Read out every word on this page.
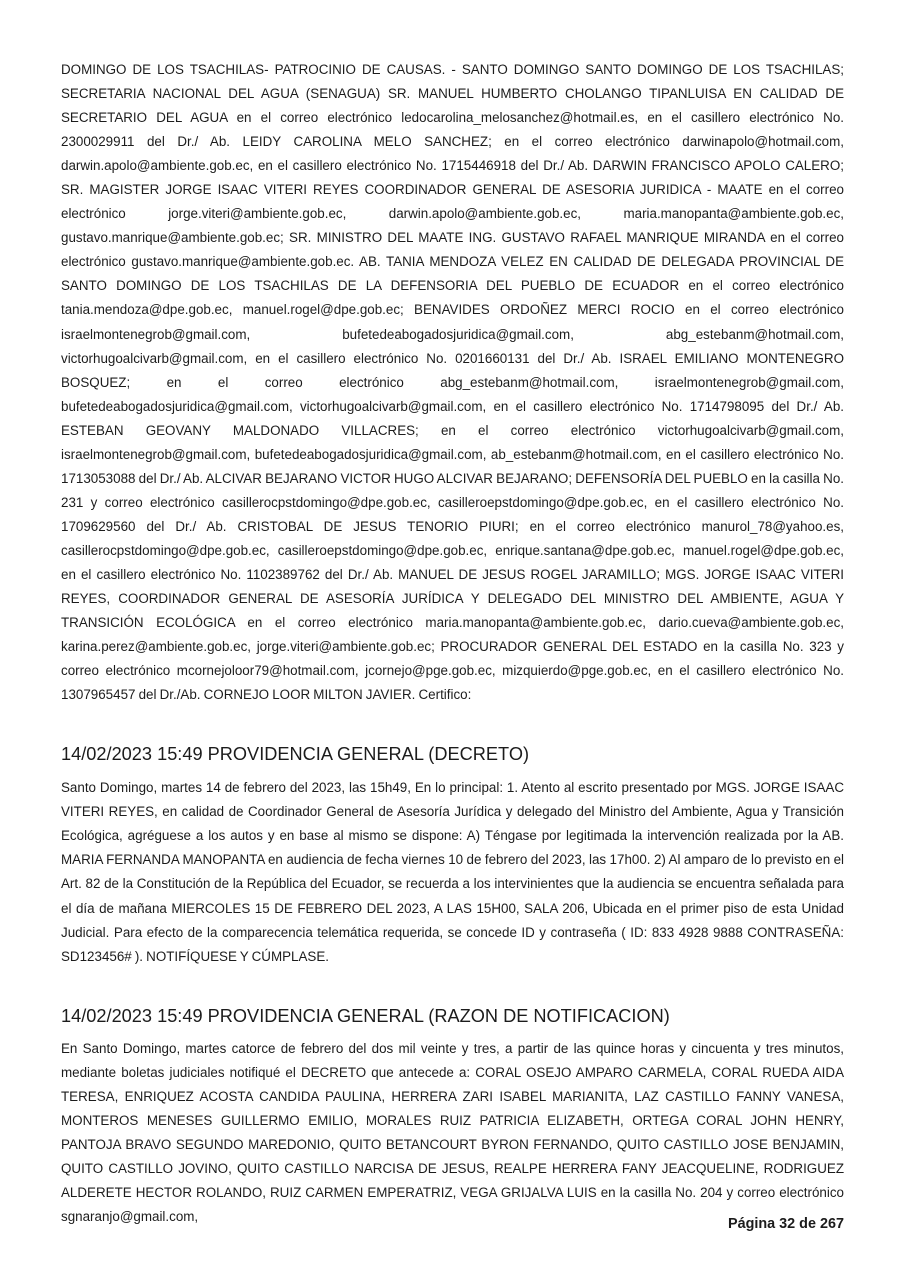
DOMINGO DE LOS TSACHILAS- PATROCINIO DE CAUSAS. - SANTO DOMINGO SANTO DOMINGO DE LOS TSACHILAS; SECRETARIA NACIONAL DEL AGUA (SENAGUA) SR. MANUEL HUMBERTO CHOLANGO TIPANLUISA EN CALIDAD DE SECRETARIO DEL AGUA en el correo electrónico ledocarolina_melosanchez@hotmail.es, en el casillero electrónico No. 2300029911 del Dr./ Ab. LEIDY CAROLINA MELO SANCHEZ; en el correo electrónico darwinapolo@hotmail.com, darwin.apolo@ambiente.gob.ec, en el casillero electrónico No. 1715446918 del Dr./ Ab. DARWIN FRANCISCO APOLO CALERO; SR. MAGISTER JORGE ISAAC VITERI REYES COORDINADOR GENERAL DE ASESORIA JURIDICA - MAATE en el correo electrónico jorge.viteri@ambiente.gob.ec, darwin.apolo@ambiente.gob.ec, maria.manopanta@ambiente.gob.ec, gustavo.manrique@ambiente.gob.ec; SR. MINISTRO DEL MAATE ING. GUSTAVO RAFAEL MANRIQUE MIRANDA en el correo electrónico gustavo.manrique@ambiente.gob.ec. AB. TANIA MENDOZA VELEZ EN CALIDAD DE DELEGADA PROVINCIAL DE SANTO DOMINGO DE LOS TSACHILAS DE LA DEFENSORIA DEL PUEBLO DE ECUADOR en el correo electrónico tania.mendoza@dpe.gob.ec, manuel.rogel@dpe.gob.ec; BENAVIDES ORDOÑEZ MERCI ROCIO en el correo electrónico israelmontenegrob@gmail.com, bufetedeabogadosjuridica@gmail.com, abg_estebanm@hotmail.com, victorhugoalcivarb@gmail.com, en el casillero electrónico No. 0201660131 del Dr./ Ab. ISRAEL EMILIANO MONTENEGRO BOSQUEZ; en el correo electrónico abg_estebanm@hotmail.com, israelmontenegrob@gmail.com, bufetedeabogadosjuridica@gmail.com, victorhugoalcivarb@gmail.com, en el casillero electrónico No. 1714798095 del Dr./ Ab. ESTEBAN GEOVANY MALDONADO VILLACRES; en el correo electrónico victorhugoalcivarb@gmail.com, israelmontenegrob@gmail.com, bufetedeabogadosjuridica@gmail.com, ab_estebanm@hotmail.com, en el casillero electrónico No. 1713053088 del Dr./ Ab. ALCIVAR BEJARANO VICTOR HUGO ALCIVAR BEJARANO; DEFENSORÍA DEL PUEBLO en la casilla No. 231 y correo electrónico casillerocpstdomingo@dpe.gob.ec, casilleroepstdomingo@dpe.gob.ec, en el casillero electrónico No. 1709629560 del Dr./ Ab. CRISTOBAL DE JESUS TENORIO PIURI; en el correo electrónico manurol_78@yahoo.es, casillerocpstdomingo@dpe.gob.ec, casilleroepstdomingo@dpe.gob.ec, enrique.santana@dpe.gob.ec, manuel.rogel@dpe.gob.ec, en el casillero electrónico No. 1102389762 del Dr./ Ab. MANUEL DE JESUS ROGEL JARAMILLO; MGS. JORGE ISAAC VITERI REYES, COORDINADOR GENERAL DE ASESORÍA JURÍDICA Y DELEGADO DEL MINISTRO DEL AMBIENTE, AGUA Y TRANSICIÓN ECOLÓGICA en el correo electrónico maria.manopanta@ambiente.gob.ec, dario.cueva@ambiente.gob.ec, karina.perez@ambiente.gob.ec, jorge.viteri@ambiente.gob.ec; PROCURADOR GENERAL DEL ESTADO en la casilla No. 323 y correo electrónico mcornejoloor79@hotmail.com, jcornejo@pge.gob.ec, mizquierdo@pge.gob.ec, en el casillero electrónico No. 1307965457 del Dr./Ab. CORNEJO LOOR MILTON JAVIER. Certifico:

14/02/2023 15:49 PROVIDENCIA GENERAL (DECRETO)

Santo Domingo, martes 14 de febrero del 2023, las 15h49, En lo principal: 1. Atento al escrito presentado por MGS. JORGE ISAAC VITERI REYES, en calidad de Coordinador General de Asesoría Jurídica y delegado del Ministro del Ambiente, Agua y Transición Ecológica, agréguese a los autos y en base al mismo se dispone: A) Téngase por legitimada la intervención realizada por la AB. MARIA FERNANDA MANOPANTA en audiencia de fecha viernes 10 de febrero del 2023, las 17h00. 2) Al amparo de lo previsto en el Art. 82 de la Constitución de la República del Ecuador, se recuerda a los intervinientes que la audiencia se encuentra señalada para el día de mañana MIERCOLES 15 DE FEBRERO DEL 2023, A LAS 15H00, SALA 206, Ubicada en el primer piso de esta Unidad Judicial. Para efecto de la comparecencia telemática requerida, se concede ID y contraseña ( ID: 833 4928 9888 CONTRASEÑA: SD123456# ). NOTIFÍQUESE Y CÚMPLASE.

14/02/2023 15:49 PROVIDENCIA GENERAL (RAZON DE NOTIFICACION)

En Santo Domingo, martes catorce de febrero del dos mil veinte y tres, a partir de las quince horas y cincuenta y tres minutos, mediante boletas judiciales notifiqué el DECRETO que antecede a: CORAL OSEJO AMPARO CARMELA, CORAL RUEDA AIDA TERESA, ENRIQUEZ ACOSTA CANDIDA PAULINA, HERRERA ZARI ISABEL MARIANITA, LAZ CASTILLO FANNY VANESA, MONTEROS MENESES GUILLERMO EMILIO, MORALES RUIZ PATRICIA ELIZABETH, ORTEGA CORAL JOHN HENRY, PANTOJA BRAVO SEGUNDO MAREDONIO, QUITO BETANCOURT BYRON FERNANDO, QUITO CASTILLO JOSE BENJAMIN, QUITO CASTILLO JOVINO, QUITO CASTILLO NARCISA DE JESUS, REALPE HERRERA FANY JEACQUELINE, RODRIGUEZ ALDERETE HECTOR ROLANDO, RUIZ CARMEN EMPERATRIZ, VEGA GRIJALVA LUIS en la casilla No. 204 y correo electrónico sgnaranjo@gmail.com,	Página 32 de 267
